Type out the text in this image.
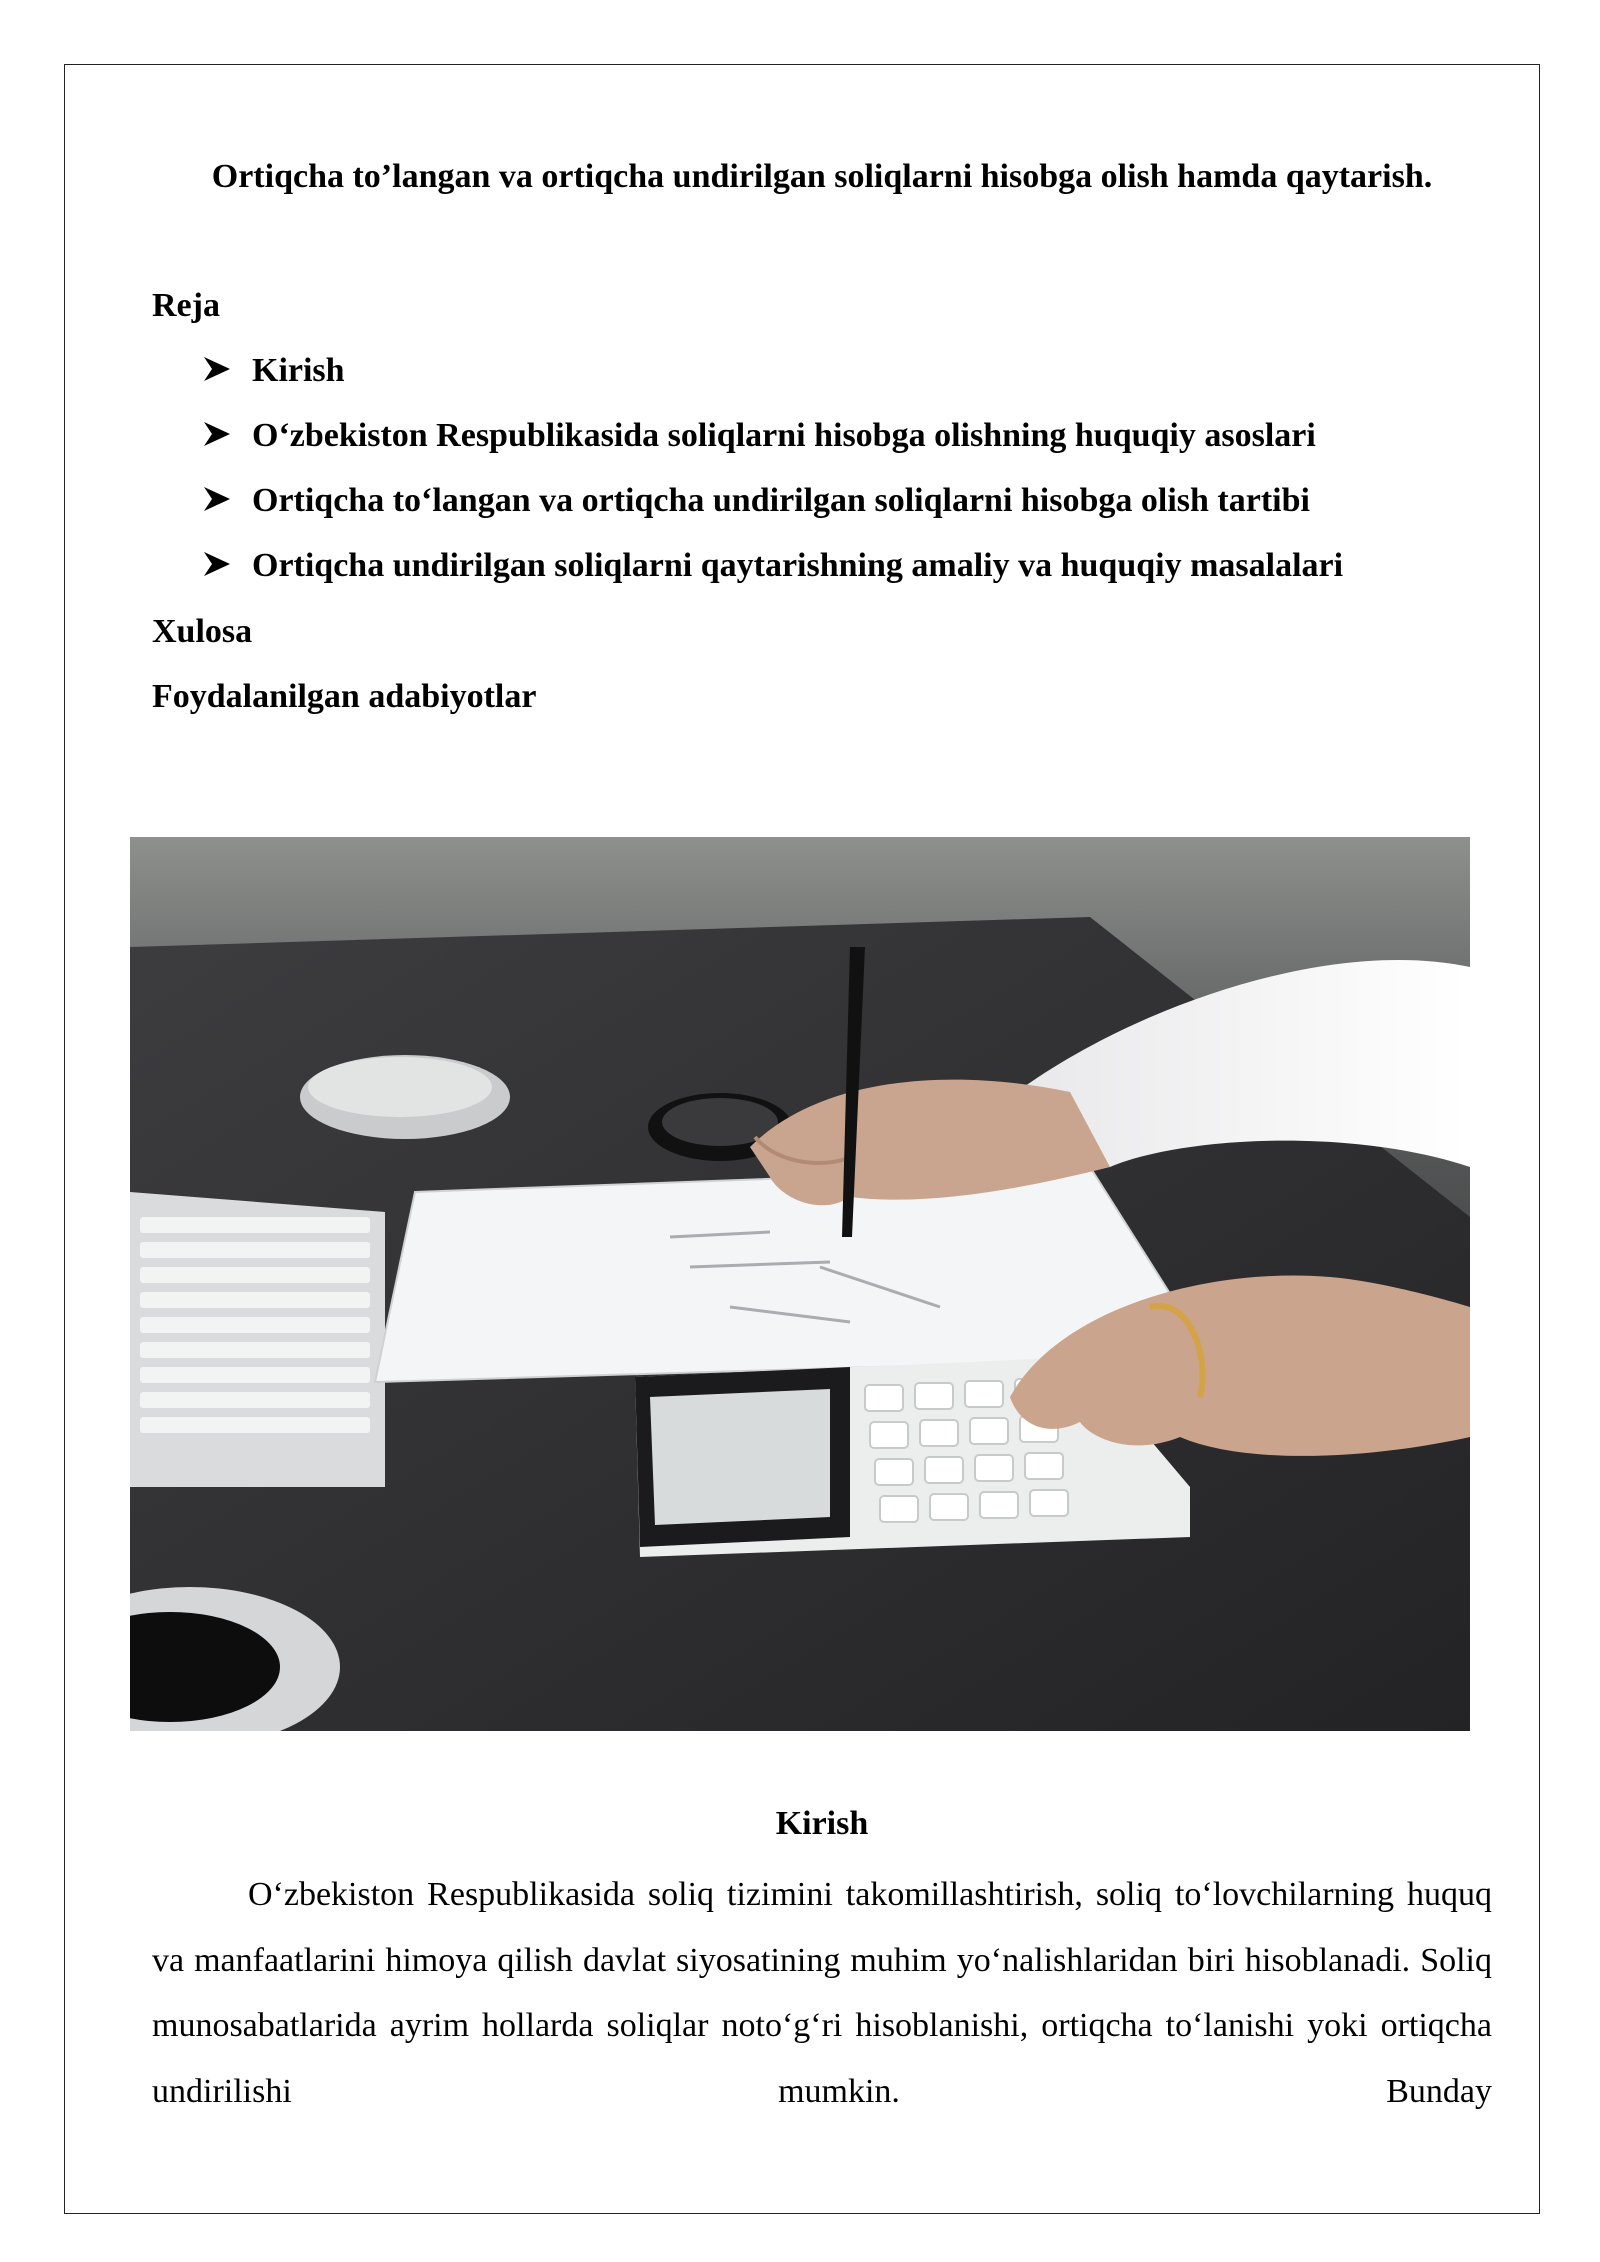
Ortiqcha to’langan va ortiqcha undirilgan soliqlarni hisobga olish hamda qaytarish.
Reja
Kirish
O‘zbekiston Respublikasida soliqlarni hisobga olishning huquqiy asoslari
Ortiqcha to‘langan va ortiqcha undirilgan soliqlarni hisobga olish tartibi
Ortiqcha undirilgan soliqlarni qaytarishning amaliy va huquqiy masalalari
Xulosa
Foydalanilgan adabiyotlar
Kirish
O‘zbekiston Respublikasida soliq tizimini takomillashtirish, soliq to‘lovchilarning huquq va manfaatlarini himoya qilish davlat siyosatining muhim yo‘nalishlaridan biri hisoblanadi. Soliq munosabatlarida ayrim hollarda soliqlar noto‘g‘ri hisoblanishi, ortiqcha to‘lanishi yoki ortiqcha undirilishi mumkin. Bunday
